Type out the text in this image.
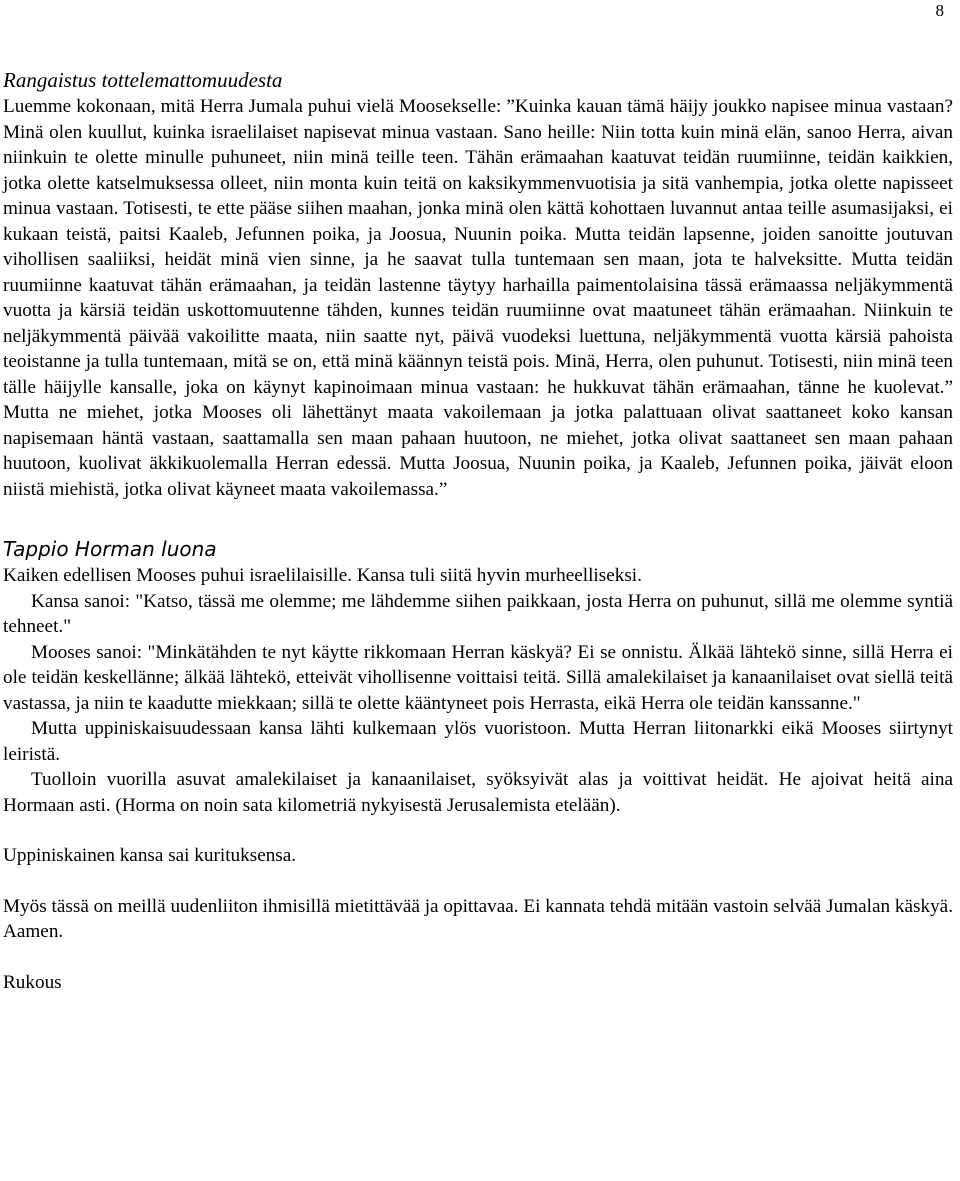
8
Rangaistus tottelemattomuudesta

Luemme kokonaan, mitä Herra Jumala puhui vielä Moosekselle: ”Kuinka kauan tämä häijy joukko napisee minua vastaan? Minä olen kuullut, kuinka israelilaiset napisevat minua vastaan. Sano heille: Niin totta kuin minä elän, sanoo Herra, aivan niinkuin te olette minulle puhuneet, niin minä teille teen. Tähän erämaahan kaatuvat teidän ruumiinne, teidän kaikkien, jotka olette katselmuksessa olleet, niin monta kuin teitä on kaksikymmenvuotisia ja sitä vanhempia, jotka olette napisseet minua vastaan. Totisesti, te ette pääse siihen maahan, jonka minä olen kättä kohottaen luvannut antaa teille asumasijaksi, ei kukaan teistä, paitsi Kaaleb, Jefunnen poika, ja Joosua, Nuunin poika. Mutta teidän lapsenne, joiden sanoitte joutuvan vihollisen saaliiksi, heidät minä vien sinne, ja he saavat tulla tuntemaan sen maan, jota te halveksitte. Mutta teidän ruumiinne kaatuvat tähän erämaahan, ja teidän lastenne täytyy harhailla paimentolaisina tässä erämaassa neljäkymmentä vuotta ja kärsiä teidän uskottomuutenne tähden, kunnes teidän ruumiinne ovat maatuneet tähän erämaahan. Niinkuin te neljäkymmentä päivää vakoilitte maata, niin saatte nyt, päivä vuodeksi luettuna, neljäkymmentä vuotta kärsiä pahoista teoistanne ja tulla tuntemaan, mitä se on, että minä käännyn teistä pois. Minä, Herra, olen puhunut. Totisesti, niin minä teen tälle häijylle kansalle, joka on käynyt kapinoimaan minua vastaan: he hukkuvat tähän erämaahan, tänne he kuolevat.” Mutta ne miehet, jotka Mooses oli lähettänyt maata vakoilemaan ja jotka palattuaan olivat saattaneet koko kansan napisemaan häntä vastaan, saattamalla sen maan pahaan huutoon, ne miehet, jotka olivat saattaneet sen maan pahaan huutoon, kuolivat äkkikuolemalla Herran edessä. Mutta Joosua, Nuunin poika, ja Kaaleb, Jefunnen poika, jäivät eloon niistä miehistä, jotka olivat käyneet maata vakoilemassa.”

Tappio Horman luona

Kaiken edellisen Mooses puhui israelilaisille. Kansa tuli siitä hyvin murheelliseksi.

Kansa sanoi: "Katso, tässä me olemme; me lähdemme siihen paikkaan, josta Herra on puhunut, sillä me olemme syntiä tehneet."

Mooses sanoi: "Minkätähden te nyt käytte rikkomaan Herran käskyä? Ei se onnistu. Älkää lähtekö sinne, sillä Herra ei ole teidän keskellänne; älkää lähtekö, etteivät vihollisenne voittaisi teitä. Sillä amalekilaiset ja kanaanilaiset ovat siellä teitä vastassa, ja niin te kaadutte miekkaan; sillä te olette kääntyneet pois Herrasta, eikä Herra ole teidän kanssanne."

Mutta uppiniskaisuudessaan kansa lähti kulkemaan ylös vuoristoon. Mutta Herran liitonarkki eikä Mooses siirtynyt leiristä.

Tuolloin vuorilla asuvat amalekilaiset ja kanaanilaiset, syöksyivät alas ja voittivat heidät. He ajoivat heitä aina Hormaan asti. (Horma on noin sata kilometriä nykyisestä Jerusalemista etelään).

Uppiniskainen kansa sai kurituksensa.

Myös tässä on meillä uudenliiton ihmisillä mietittävää ja opittavaa. Ei kannata tehdä mitään vastoin selvää Jumalan käskyä. Aamen.

Rukous
